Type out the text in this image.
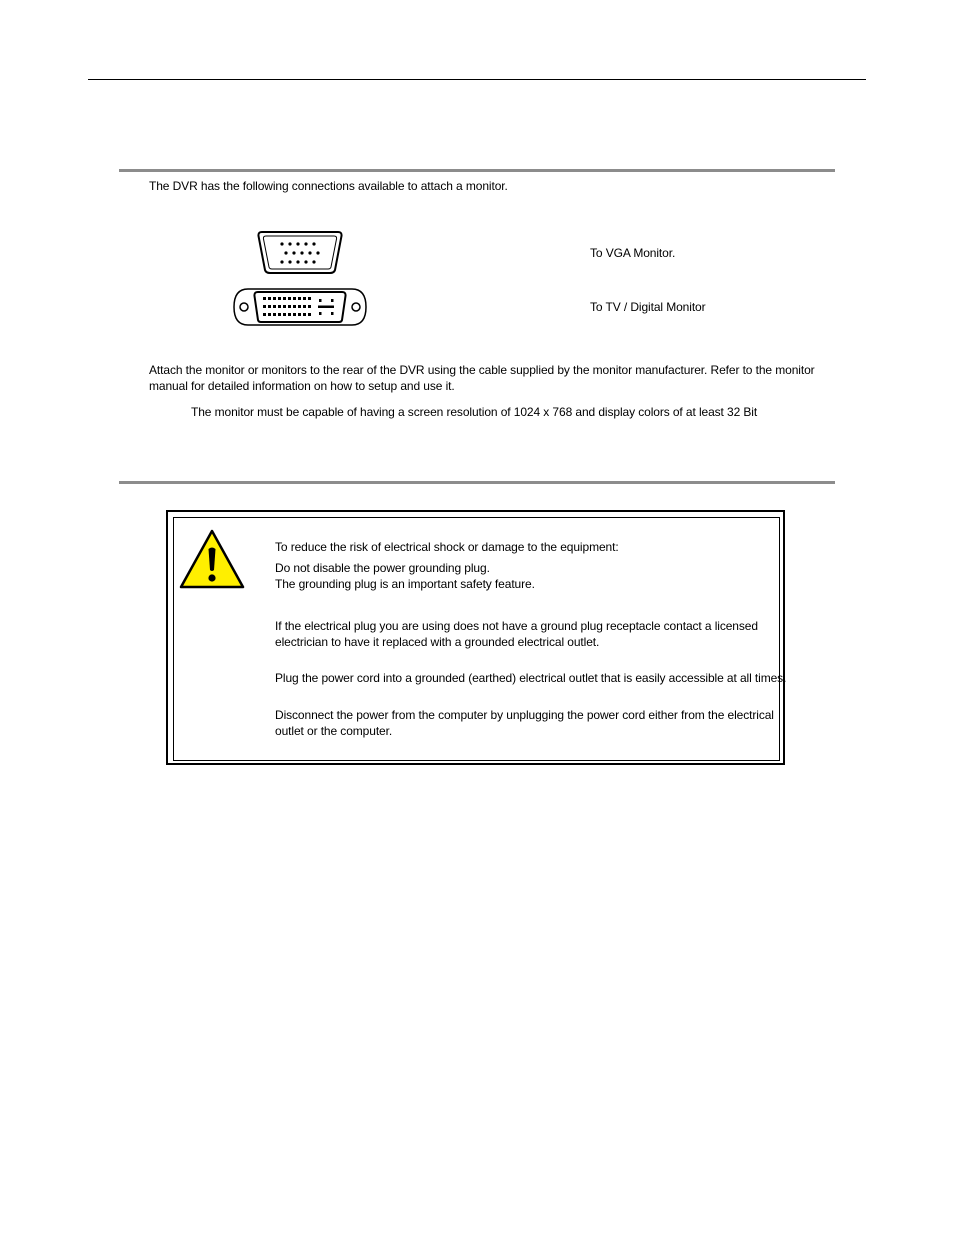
The DVR has the following connections available to attach a monitor.
To VGA Monitor.
To TV / Digital Monitor
Attach the monitor or monitors to the rear of the DVR using the cable supplied by the monitor manufacturer. Refer to the monitor
manual for detailed information on how to setup and use it.
The monitor must be capable of having a screen resolution of 1024 x 768 and display colors of at least 32 Bit
To reduce the risk of electrical shock or damage to the equipment:
Do not disable the power grounding plug.
The grounding plug is an important safety feature.
If the electrical plug you are using does not have a ground plug receptacle contact a licensed
electrician to have it replaced with a grounded electrical outlet.
Plug the power cord into a grounded (earthed) electrical outlet that is easily accessible at all times.
Disconnect the power from the computer by unplugging the power cord either from the electrical
outlet or the computer.
